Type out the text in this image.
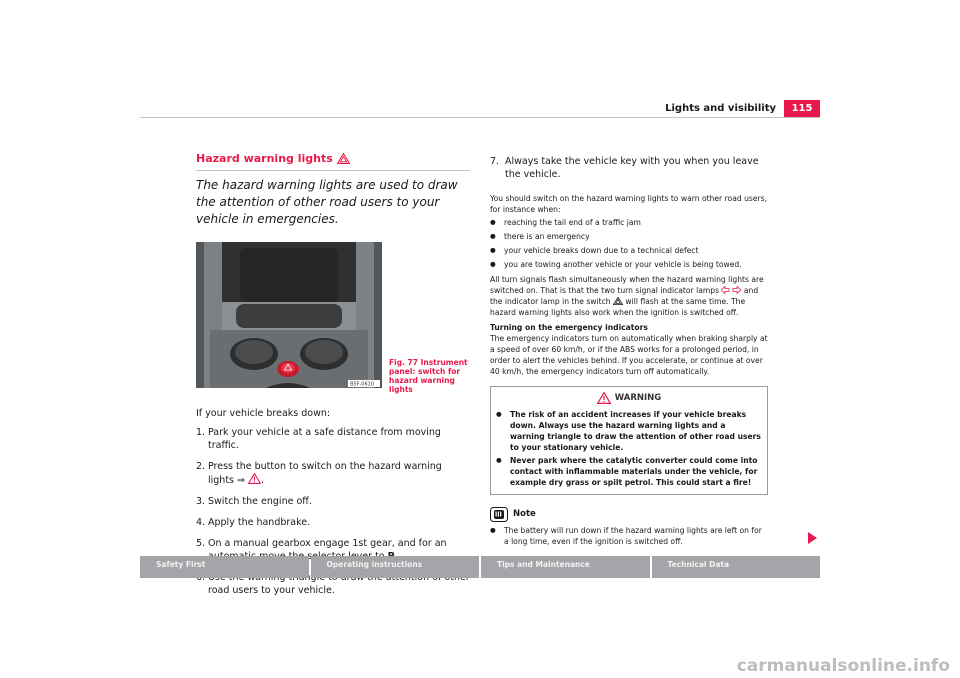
Lights and visibility	115
Hazard warning lights

The hazard warning lights are used to draw the attention of other road users to your vehicle in emergencies.

B5F-0610
Fig. 77 Instrument panel: switch for hazard warning lights

If your vehicle breaks down:

1. Park your vehicle at a safe distance from moving traffic.
2. Press the button to switch on the hazard warning lights ⇒ .
3. Switch the engine off.
4. Apply the handbrake.
5. On a manual gearbox engage 1st gear, and for an
road users to your vehicle.

7. Always take the vehicle key with you when you leave the vehicle.

You should switch on the hazard warning lights to warn other road users, for instance when:

● reaching the tail end of a traffic jam
● there is an emergency
● your vehicle breaks down due to a technical defect
● you are towing another vehicle or your vehicle is being towed.

All turn signals flash simultaneously when the hazard warning lights are switched on. That is that the two turn signal indicator lamps	and the indicator lamp in the switch will flash at the same time. The hazard warning lights also work when the ignition is switched off.

Turning on the emergency indicators

The emergency indicators turn on automatically when braking sharply at a speed of over 60 km/h, or if the ABS works for a prolonged period, in order to alert the vehicles behind. If you accelerate, or continue at over 40 km/h, the emergency indicators turn off automatically.

WARNING
● The risk of an accident increases if your vehicle breaks down. Always use the hazard warning lights and a warning triangle to draw the attention of other road users to your stationary vehicle.
● Never park where the catalytic converter could come into contact with inflammable materials under the vehicle, for example dry grass or spilt petrol. This could start a fire!
Note
● The battery will run down if the hazard warning lights are left on for a long time, even if the ignition is switched off.
Safety First	Operating instructions	Tips and Maintenance	Technical Data
carmanualsonline.info
